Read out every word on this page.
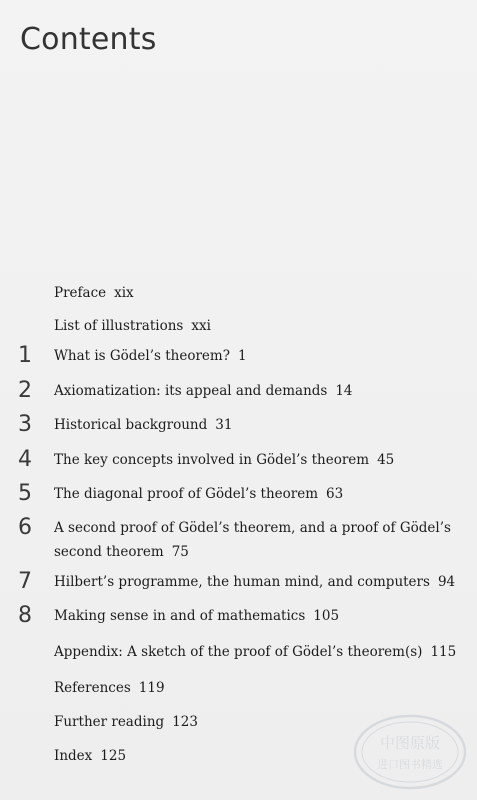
Contents
Preface xix
List of illustrations xxi
1	What is Gödel’s theorem? 1
2	Axiomatization: its appeal and demands 14
3	Historical background 31
4	The key concepts involved in Gödel’s theorem 45
5	The diagonal proof of Gödel’s theorem 63
6	A second proof of Gödel’s theorem, and a proof of Gödel’s
second theorem 75
7	Hilbert’s programme, the human mind, and computers 94
8	Making sense in and of mathematics 105
Appendix: A sketch of the proof of Gödel’s theorem(s) 115
References 119
Further reading 123
Index 125
中图原版
进口图书精选
